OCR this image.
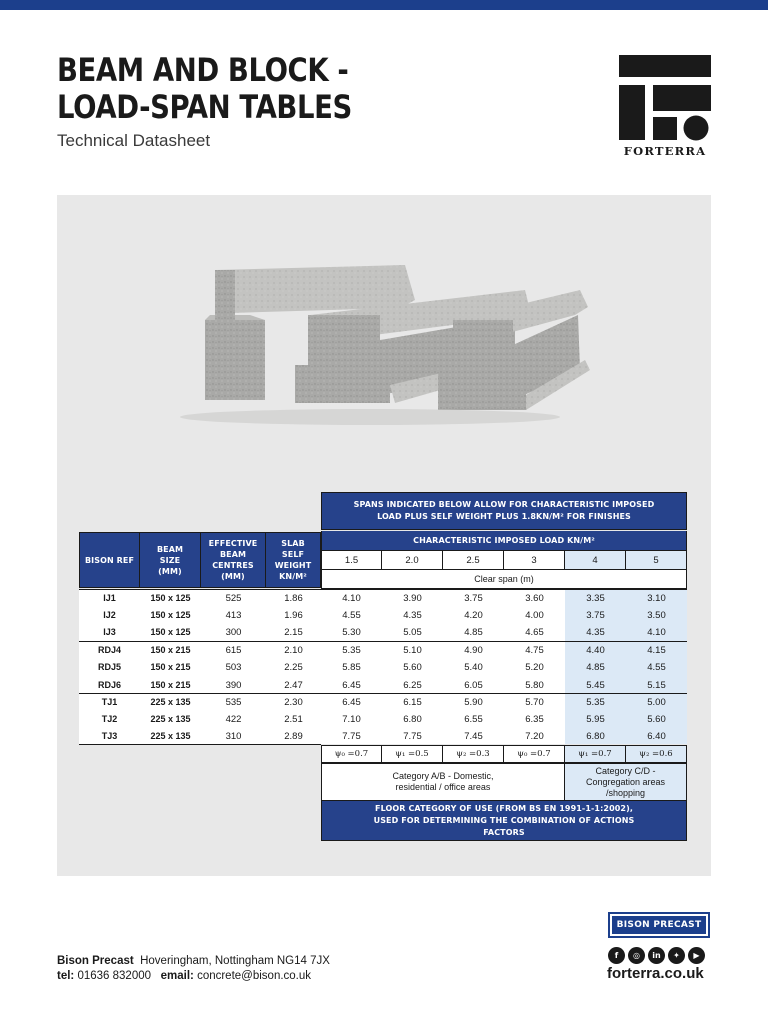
BEAM AND BLOCK -
LOAD-SPAN TABLES
Technical Datasheet
FORTERRA
SPANS INDICATED BELOW ALLOW FOR CHARACTERISTIC IMPOSED LOAD PLUS SELF WEIGHT PLUS 1.8KN/M² FOR FINISHES
CHARACTERISTIC IMPOSED LOAD KN/M²
BISON REF
BEAM SIZE (MM)
EFFECTIVE BEAM CENTRES (MM)
SLAB SELF WEIGHT KN/M²
1.5	2.0	2.5	3	4	5
Clear span (m)
IJ1	150 x 125	525	1.86	4.10	3.90	3.75	3.60	3.35	3.10
IJ2	150 x 125	413	1.96	4.55	4.35	4.20	4.00	3.75	3.50
IJ3	150 x 125	300	2.15	5.30	5.05	4.85	4.65	4.35	4.10
RDJ4	150 x 215	615	2.10	5.35	5.10	4.90	4.75	4.40	4.15
RDJ5	150 x 215	503	2.25	5.85	5.60	5.40	5.20	4.85	4.55
RDJ6	150 x 215	390	2.47	6.45	6.25	6.05	5.80	5.45	5.15
TJ1	225 x 135	535	2.30	6.45	6.15	5.90	5.70	5.35	5.00
TJ2	225 x 135	422	2.51	7.10	6.80	6.55	6.35	5.95	5.60
TJ3	225 x 135	310	2.89	7.75	7.75	7.45	7.20	6.80	6.40
ψ₀ =0.7	ψ₁ =0.5	ψ₂ =0.3	ψ₀ =0.7	ψ₁ =0.7	ψ₂ =0.6
Category A/B - Domestic, residential / office areas
Category C/D - Congregation areas /shopping
FLOOR CATEGORY OF USE (FROM BS EN 1991-1-1:2002), USED FOR DETERMINING THE COMBINATION OF ACTIONS FACTORS
Bison Precast Hoveringham, Nottingham NG14 7JX
tel: 01636 832000 email: concrete@bison.co.uk
BISON PRECAST
f	◎	in	✦	▶
forterra.co.uk
